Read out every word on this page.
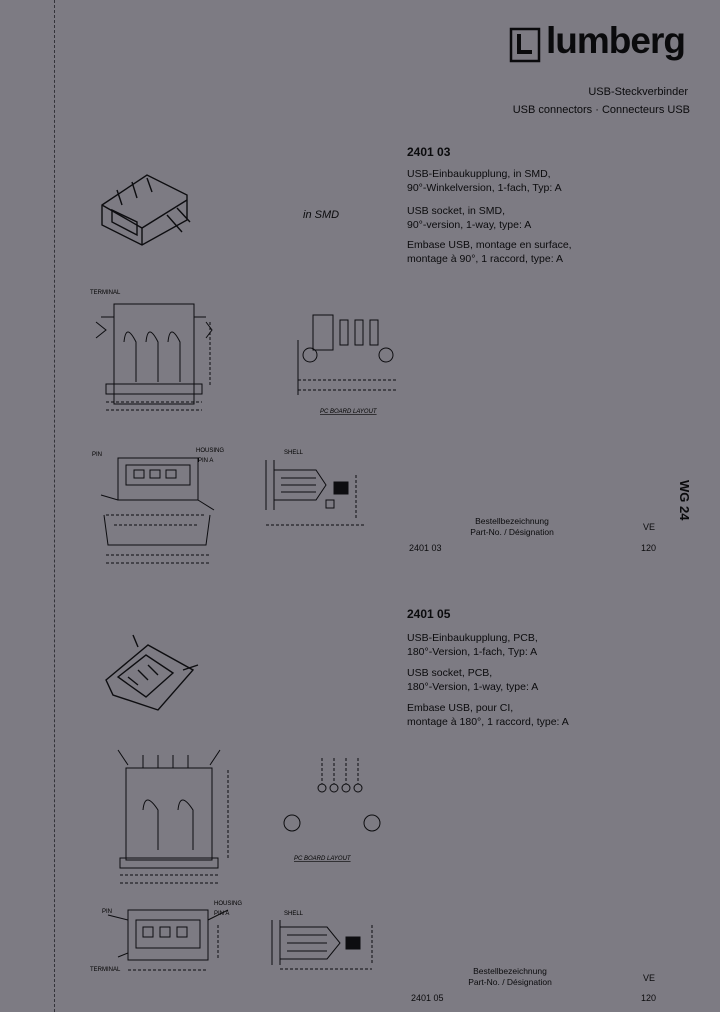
lumberg
USB-Steckverbinder
USB connectors · Connecteurs USB
WG 24
2401 03
USB-Einbaukupplung, in SMD,
90°-Winkelversion, 1-fach, Typ: A
USB socket, in SMD,
90°-version, 1-way, type: A
Embase USB, montage en surface,
montage à 90°, 1 raccord, type: A
in SMD
TERMINAL
PC BOARD LAYOUT
PIN
HOUSING
PIN A
SHELL
Bestellbezeichnung
Part-No. / Désignation	VE
2401 03	120
2401 05
USB-Einbaukupplung, PCB,
180°-Version, 1-fach, Typ: A
USB socket, PCB,
180°-Version, 1-way, type: A
Embase USB, pour CI,
montage à 180°, 1 raccord, type: A
PC BOARD LAYOUT
PIN
HOUSING
PIN A
TERMINAL
SHELL
Bestellbezeichnung
Part-No. / Désignation	VE
2401 05	120
